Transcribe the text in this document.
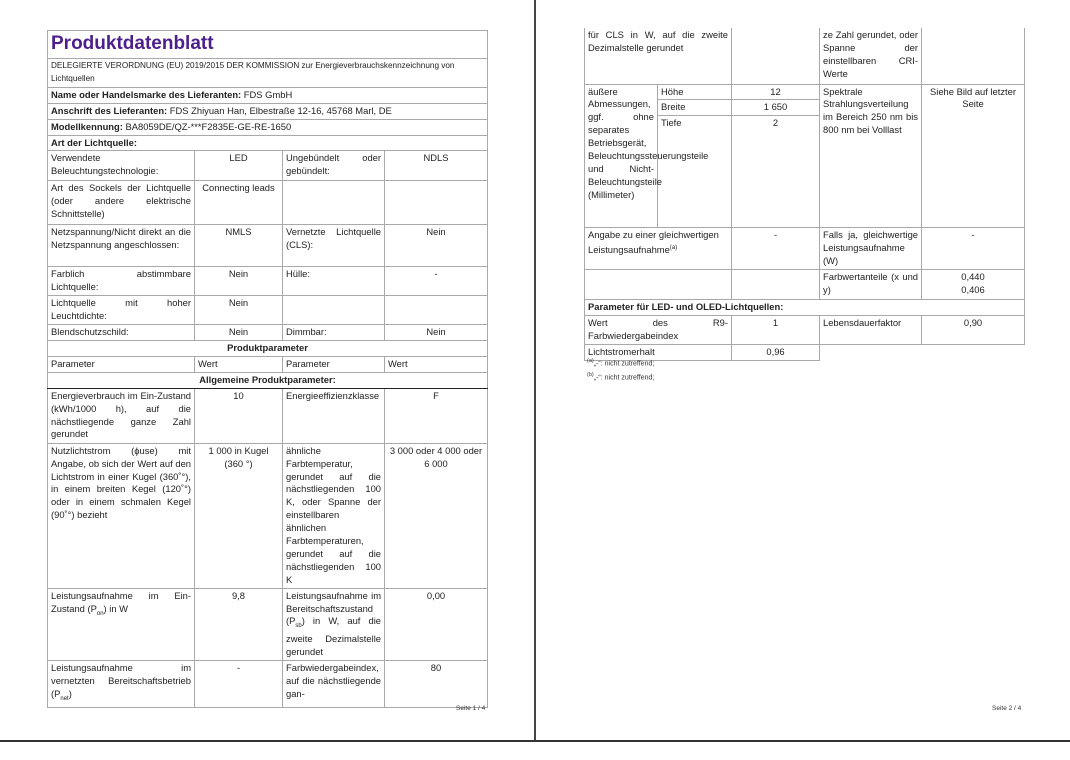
Produktdatenblatt			
DELEGIERTE VERORDNUNG (EU) 2019/2015 DER KOMMISSION zur Energieverbrauchskennzeichnung von Lichtquellen			
Name oder Handelsmarke des Lieferanten: FDS GmbH			
Anschrift des Lieferanten: FDS Zhiyuan Han, Elbestraße 12-16, 45768 Marl, DE			
Modellkennung: BA8059DE/QZ-***F2835E-GE-RE-1650			
Art der Lichtquelle:			
Verwendete Beleuchtungstechnologie:	LED	Ungebündelt oder gebündelt:	NDLS
Art des Sockels der Lichtquelle (oder andere elektrische Schnittstelle)	Connecting leads		
Netzspannung/Nicht direkt an die Netzspannung angeschlossen:	NMLS	Vernetzte Lichtquelle (CLS):	Nein
Farblich abstimmbare Lichtquelle:	Nein	Hülle:	-
Lichtquelle mit hoher Leuchtdichte:	Nein		
Blendschutzschild:	Nein	Dimmbar:	Nein
Produktparameter			
Parameter	Wert	Parameter	Wert
Allgemeine Produktparameter:			
Energieverbrauch im Ein-Zustand (kWh/1000 h), auf die nächstliegende ganze Zahl gerundet	10	Energieeffizienzklasse	F
Nutzlichtstrom (ϕuse) mit Angabe, ob sich der Wert auf den Lichtstrom in einer Kugel (360˚°), in einem breiten Kegel (120˚°) oder in einem schmalen Kegel (90˚°) bezieht	1 000 in Kugel (360 °)	ähnliche Farbtemperatur, gerundet auf die nächstliegenden 100 K, oder Spanne der einstellbaren ähnlichen Farbtemperaturen, gerundet auf die nächstliegenden 100 K	3 000 oder 4 000 oder 6 000
Leistungsaufnahme im Ein-Zustand $(P_{on})$ in W	9,8	Leistungsaufnahme im Bereitschaftszustand $(P_{sb})$ in W, auf die zweite Dezimalstelle gerundet	0,00
Leistungsaufnahme im vernetzten Bereitschaftsbetrieb $(P_{net})$	-	Farbwiedergabeindex, auf die nächstliegende gan-	80
Seite 1 / 4
für CLS in W, auf die zweite Dezimalstelle gerundet			ze Zahl gerundet, oder Spanne der einstellbaren CRI-Werte	
äußere Abmessungen, ggf. ohne separates Betriebsgerät, Beleuchtungssteuerungsteile und Nicht-Beleuchtungsteile (Millimeter)	Höhe	12	Spektrale Strahlungsverteilung im Bereich 250 nm bis 800 nm bei Volllast	Siehe Bild auf letzter Seite
	Breite	1 650		
	Tiefe	2		
Angabe zu einer gleichwertigen Leistungsaufnahme$^{(a)}$		-	Falls ja, gleichwertige Leistungsaufnahme (W)	-
			Farbwertanteile (x und y)	0,440
0,406

Parameter für LED- und OLED-Lichtquellen:				
Wert des R9-Farbwiedergabeindex		1	Lebensdauerfaktor	0,90
Lichtstromerhalt		0,96		
$^{(a)}$„-“: nicht zutreffend;
$^{(b)}$„-“: nicht zutreffend;
Seite 2 / 4
